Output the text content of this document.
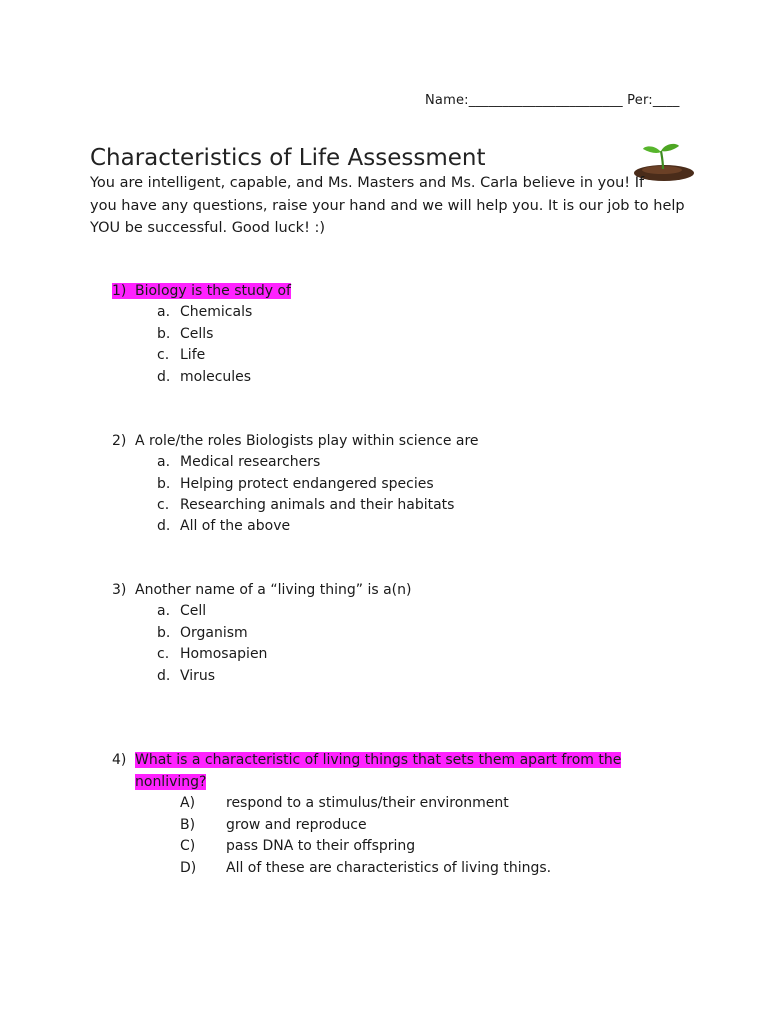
Name:_______________________ Per:____
Characteristics of Life Assessment
You are intelligent, capable, and Ms. Masters and Ms. Carla believe in you! If
you have any questions, raise your hand and we will help you. It is our job to help
YOU be successful. Good luck! :)
1) Biology is the study of
a. Chemicals
b. Cells
c. Life
d. molecules
2) A role/the roles Biologists play within science are
a. Medical researchers
b. Helping protect endangered species
c. Researching animals and their habitats
d. All of the above
3) Another name of a “living thing” is a(n)
a. Cell
b. Organism
c. Homosapien
d. Virus
4) What is a characteristic of living things that sets them apart from the
nonliving?
A) respond to a stimulus/their environment
B) grow and reproduce
C) pass DNA to their offspring
D) All of these are characteristics of living things.
